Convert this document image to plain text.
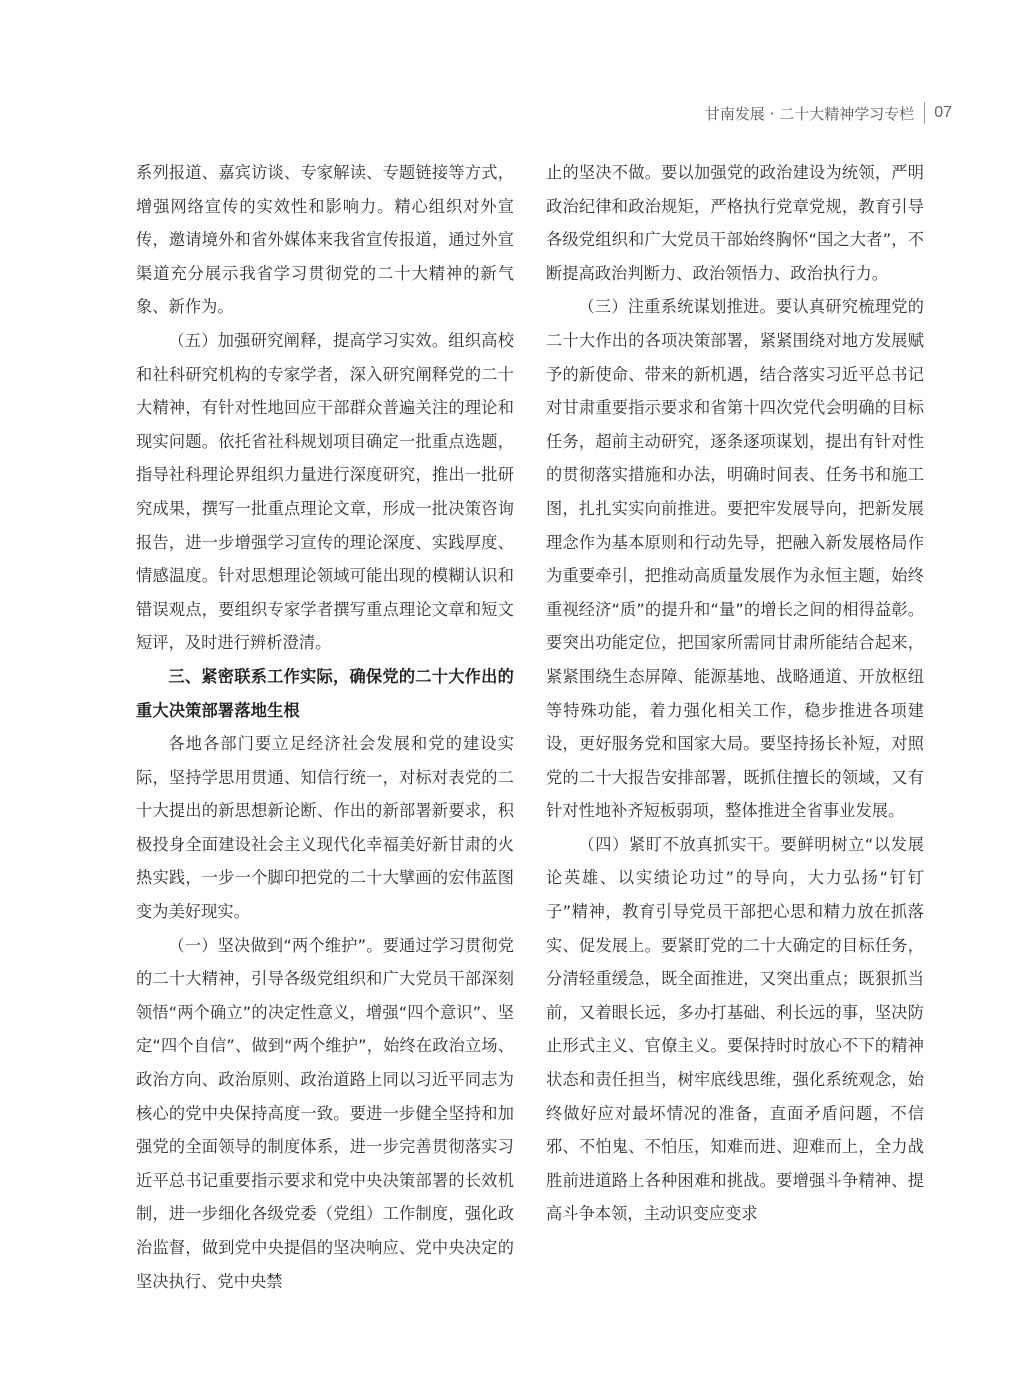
甘南发展 · 二十大精神学习专栏 07

系列报道、嘉宾访谈、专家解读、专题链接等方式，增强网络宣传的实效性和影响力。精心组织对外宣传，邀请境外和省外媒体来我省宣传报道，通过外宣渠道充分展示我省学习贯彻党的二十大精神的新气象、新作为。

（五）加强研究阐释，提高学习实效。组织高校和社科研究机构的专家学者，深入研究阐释党的二十大精神，有针对性地回应干部群众普遍关注的理论和现实问题。依托省社科规划项目确定一批重点选题，指导社科理论界组织力量进行深度研究，推出一批研究成果，撰写一批重点理论文章，形成一批决策咨询报告，进一步增强学习宣传的理论深度、实践厚度、情感温度。针对思想理论领域可能出现的模糊认识和错误观点，要组织专家学者撰写重点理论文章和短文短评，及时进行辨析澄清。

三、紧密联系工作实际，确保党的二十大作出的重大决策部署落地生根

各地各部门要立足经济社会发展和党的建设实际，坚持学思用贯通、知信行统一，对标对表党的二十大提出的新思想新论断、作出的新部署新要求，积极投身全面建设社会主义现代化幸福美好新甘肃的火热实践，一步一个脚印把党的二十大擘画的宏伟蓝图变为美好现实。

（一）坚决做到“两个维护”。要通过学习贯彻党的二十大精神，引导各级党组织和广大党员干部深刻领悟“两个确立”的决定性意义，增强“四个意识”、坚定“四个自信”、做到“两个维护”，始终在政治立场、政治方向、政治原则、政治道路上同以习近平同志为核心的党中央保持高度一致。要进一步健全坚持和加强党的全面领导的制度体系，进一步完善贯彻落实习近平总书记重要指示要求和党中央决策部署的长效机制，进一步细化各级党委（党组）工作制度，强化政治监督，做到党中央提倡的坚决响应、党中央决定的坚决执行、党中央禁

止的坚决不做。要以加强党的政治建设为统领，严明政治纪律和政治规矩，严格执行党章党规，教育引导各级党组织和广大党员干部始终胸怀“国之大者”，不断提高政治判断力、政治领悟力、政治执行力。

（三）注重系统谋划推进。要认真研究梳理党的二十大作出的各项决策部署，紧紧围绕对地方发展赋予的新使命、带来的新机遇，结合落实习近平总书记对甘肃重要指示要求和省第十四次党代会明确的目标任务，超前主动研究，逐条逐项谋划，提出有针对性的贯彻落实措施和办法，明确时间表、任务书和施工图，扎扎实实向前推进。要把牢发展导向，把新发展理念作为基本原则和行动先导，把融入新发展格局作为重要牵引，把推动高质量发展作为永恒主题，始终重视经济“质”的提升和“量”的增长之间的相得益彰。要突出功能定位，把国家所需同甘肃所能结合起来，紧紧围绕生态屏障、能源基地、战略通道、开放枢纽等特殊功能，着力强化相关工作，稳步推进各项建设，更好服务党和国家大局。要坚持扬长补短，对照党的二十大报告安排部署，既抓住擅长的领域，又有针对性地补齐短板弱项，整体推进全省事业发展。

（四）紧盯不放真抓实干。要鲜明树立“以发展论英雄、以实绩论功过”的导向，大力弘扬“钉钉子”精神，教育引导党员干部把心思和精力放在抓落实、促发展上。要紧盯党的二十大确定的目标任务，分清轻重缓急，既全面推进，又突出重点；既狠抓当前，又着眼长远，多办打基础、利长远的事，坚决防止形式主义、官僚主义。要保持时时放心不下的精神状态和责任担当，树牢底线思维，强化系统观念，始终做好应对最坏情况的准备，直面矛盾问题，不信邪、不怕鬼、不怕压，知难而进、迎难而上，全力战胜前进道路上各种困难和挑战。要增强斗争精神、提高斗争本领，主动识变应变求
